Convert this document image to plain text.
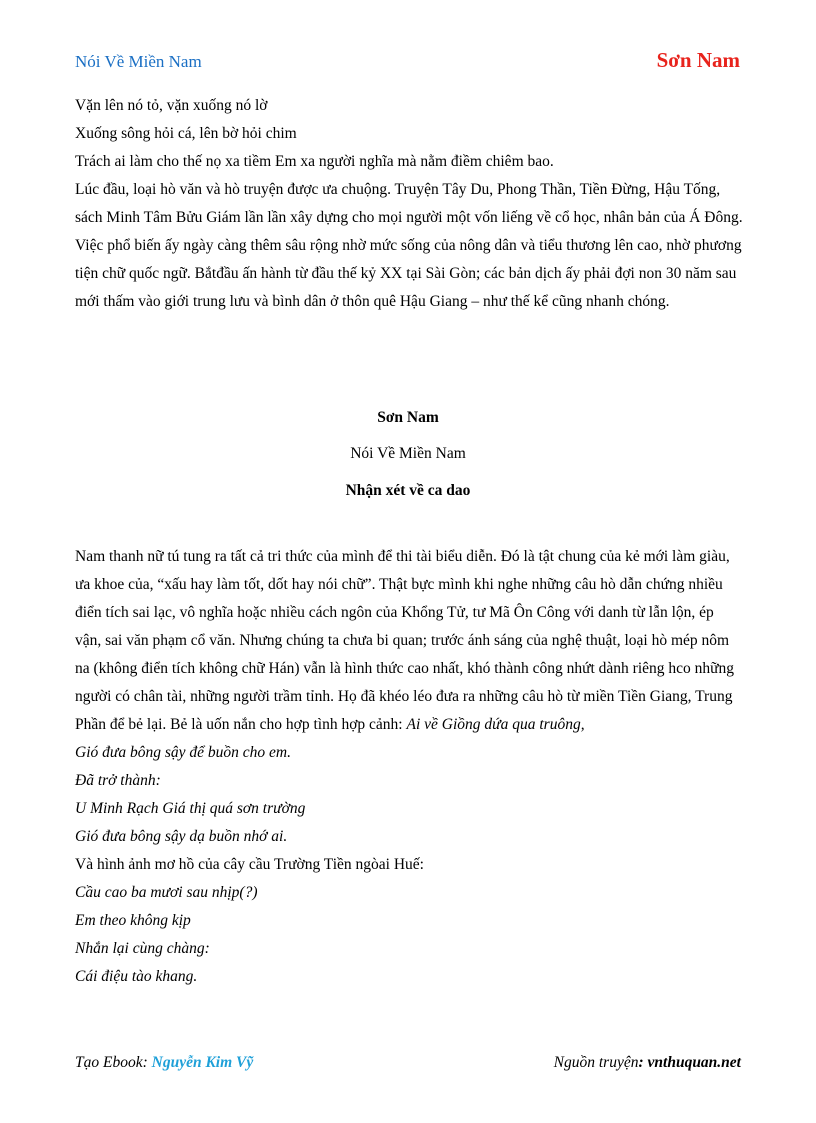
Nói Về Miền Nam	Sơn Nam

Vặn lên nó tỏ, vặn xuống nó lờ

Xuống sông hỏi cá, lên bờ hỏi chim

Trách ai làm cho thế nọ xa tiềm Em xa người nghĩa mà nằm điềm chiêm bao.

Lúc đầu, loại hò văn và hò truyện được ưa chuộng. Truyện Tây Du, Phong Thần, Tiền Đừng, Hậu Tống, sách Minh Tâm Bửu Giám lần lần xây dựng cho mọi người một vốn liếng về cổ học, nhân bản của Á Đông. Việc phổ biến ấy ngày càng thêm sâu rộng nhờ mức sống của nông dân và tiểu thương lên cao, nhờ phương tiện chữ quốc ngữ. Bắtđầu ấn hành từ đầu thế kỷ XX tại Sài Gòn; các bản dịch ấy phải đợi non 30 năm sau mới thấm vào giới trung lưu và bình dân ở thôn quê Hậu Giang – như thế kể cũng nhanh chóng.

Sơn Nam
Nói Về Miền Nam
Nhận xét về ca dao

Nam thanh nữ tú tung ra tất cả tri thức của mình để thi tài biểu diễn. Đó là tật chung của kẻ mới làm giàu, ưa khoe của, “xấu hay làm tốt, dốt hay nói chữ”. Thật bực mình khi nghe những câu hò dẫn chứng nhiều điển tích sai lạc, vô nghĩa hoặc nhiều cách ngôn của Khổng Tử, tư Mã Ôn Công với danh từ lẫn lộn, ép vận, sai văn phạm cổ văn. Nhưng chúng ta chưa bi quan; trước ánh sáng của nghệ thuật, loại hò mép nôm na (không điển tích không chữ Hán) vẫn là hình thức cao nhất, khó thành công nhứt dành riêng hco những người có chân tài, những người trầm tỉnh. Họ đã khéo léo đưa ra những câu hò từ miền Tiền Giang, Trung Phần để bẻ lại. Bẻ là uốn nắn cho hợp tình hợp cảnh: Ai về Giồng dứa qua truông,

Gió đưa bông sậy để buồn cho em.

Đã trở thành:

U Minh Rạch Giá thị quá sơn trường

Gió đưa bông sậy dạ buồn nhớ ai.

Và hình ảnh mơ hồ của cây cầu Trường Tiền ngòai Huế:

Cầu cao ba mươi sau nhịp(?)

Em theo không kịp

Nhắn lại cùng chàng:

Cái điệu tào khang.

Tạo Ebook: Nguyễn Kim Vỹ	Nguồn truyện: vnthuquan.net
